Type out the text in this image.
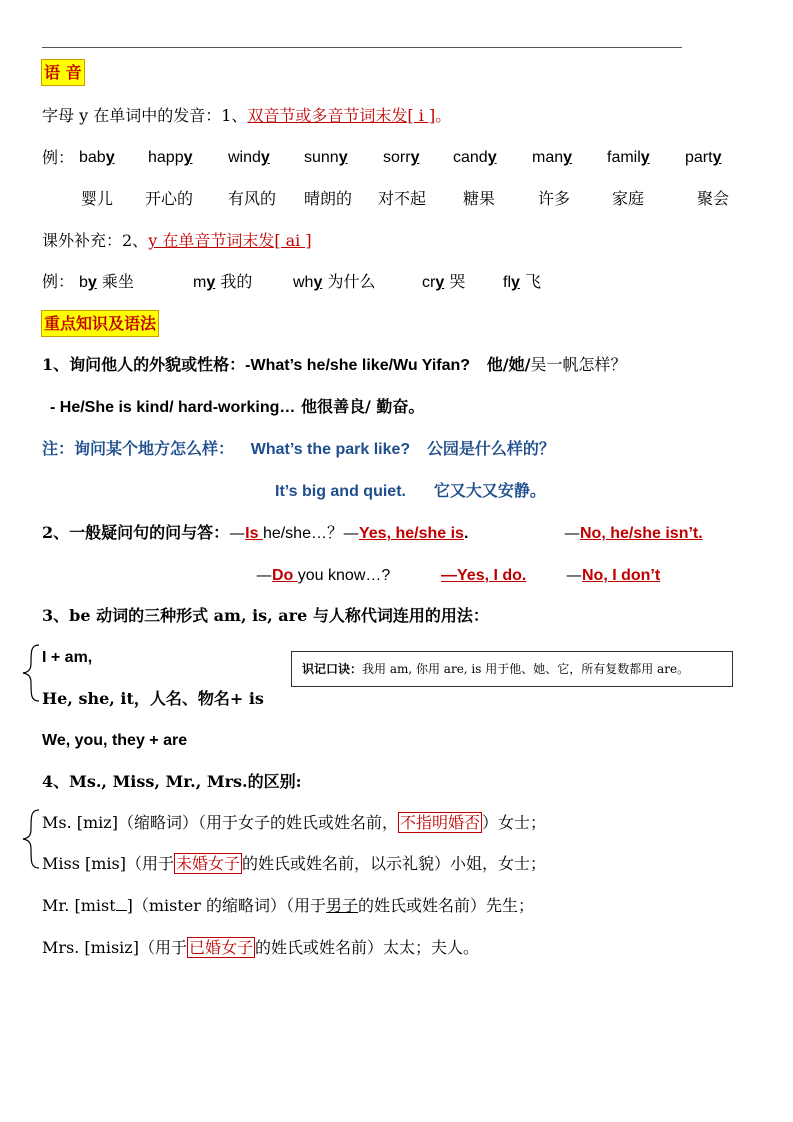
语 音
字母 y 在单词中的发音：1、双音节或多音节词末发[ i ]。
例： baby happy windy sunny sorry candy many family party
婴儿 开心的 有风的 晴朗的 对不起 糖果	许多	家庭	聚会
课外补充：2、y 在单音节词末发[ ai ]
例： by 乘坐	my 我的	why 为什么	cry 哭 fly 飞
重点知识及语法
1、询问他人的外貌或性格：-What’s he/she like/Wu Yifan? 他/她/吴一帆怎样？
- He/She is kind/ hard-working… 他很善良/ 勤奋。
注：询问某个地方怎么样： What’s the park like? 公园是什么样的？
It’s big and quiet. 它又大又安静。
2、一般疑问句的问与答：—Is he/she…？—Yes, he/she is.	—No, he/she isn’t.
—Do you know…?	—Yes, I do. —No, I don’t
3、be 动词的三种形式 am, is, are 与人称代词连用的用法：
I + am,
He, she, it，人名、物名+ is
We, you, they + are
识记口诀：我用 am, 你用 are, is 用于他、她、它，所有复数都用 are。
4、Ms., Miss, Mr., Mrs.的区别:
Ms. [miz]（缩略词）（用于女子的姓氏或姓名前， 不指明婚否 ）女士；
Miss [mis]（用于 未婚女子 的姓氏或姓名前，以示礼貌）小姐，女士；
Mr. [mist ]（mister 的缩略词）（用于男子的姓氏或姓名前）先生；
Mrs. [misiz]（用于 已婚女子 的姓氏或姓名前）太太；夫人。
